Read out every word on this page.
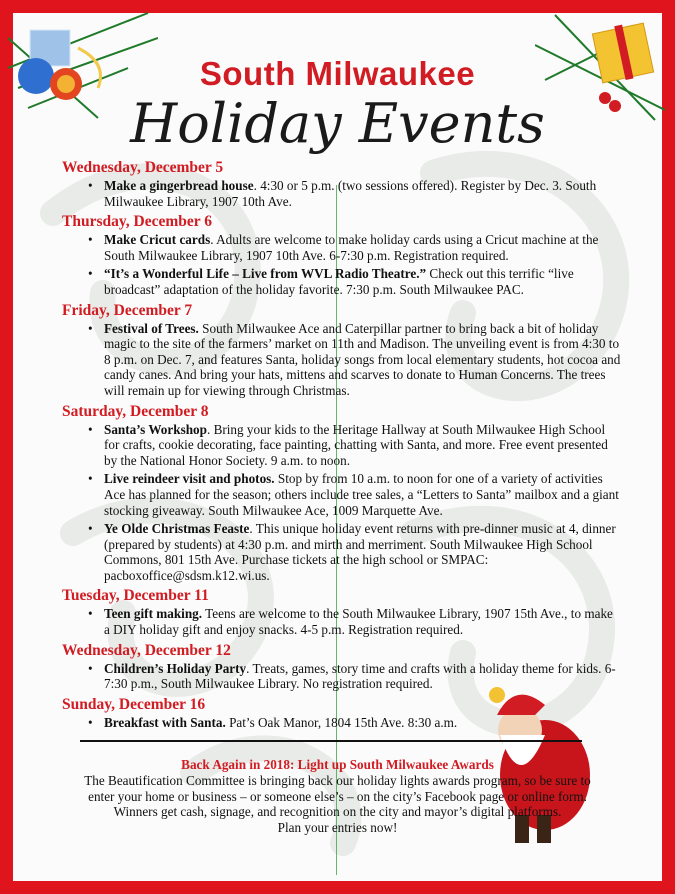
South Milwaukee
Holiday Events
Wednesday, December 5
• Make a gingerbread house. 4:30 or 5 p.m. (two sessions offered). Register by Dec. 3. South Milwaukee Library, 1907 10th Ave.
Thursday, December 6
• Make Cricut cards. Adults are welcome to make holiday cards using a Cricut machine at the South Milwaukee Library, 1907 10th Ave. 6-7:30 p.m. Registration required.
• “It’s a Wonderful Life – Live from WVL Radio Theatre.” Check out this terrific “live broadcast” adaptation of the holiday favorite. 7:30 p.m. South Milwaukee PAC.
Friday, December 7
• Festival of Trees. South Milwaukee Ace and Caterpillar partner to bring back a bit of holiday magic to the site of the farmers’ market on 11th and Madison. The unveiling event is from 4:30 to 8 p.m. on Dec. 7, and features Santa, holiday songs from local elementary students, hot cocoa and candy canes. And bring your hats, mittens and scarves to donate to Human Concerns. The trees will remain up for viewing through Christmas.
Saturday, December 8
• Santa’s Workshop. Bring your kids to the Heritage Hallway at South Milwaukee High School for crafts, cookie decorating, face painting, chatting with Santa, and more. Free event presented by the National Honor Society. 9 a.m. to noon.
• Live reindeer visit and photos. Stop by from 10 a.m. to noon for one of a variety of activities Ace has planned for the season; others include tree sales, a “Letters to Santa” mailbox and a giant stocking giveaway. South Milwaukee Ace, 1009 Marquette Ave.
• Ye Olde Christmas Feaste. This unique holiday event returns with pre-dinner music at 4, dinner (prepared by students) at 4:30 p.m. and mirth and merriment. South Milwaukee High School Commons, 801 15th Ave. Purchase tickets at the high school or SMPAC: pacboxoffice@sdsm.k12.wi.us.
Tuesday, December 11
• Teen gift making. Teens are welcome to the South Milwaukee Library, 1907 15th Ave., to make a DIY holiday gift and enjoy snacks. 4-5 p.m. Registration required.
Wednesday, December 12
• Children’s Holiday Party. Treats, games, story time and crafts with a holiday theme for kids. 6-7:30 p.m., South Milwaukee Library. No registration required.
Sunday, December 16
• Breakfast with Santa. Pat’s Oak Manor, 1804 15th Ave. 8:30 a.m.
Back Again in 2018: Light up South Milwaukee Awards
The Beautification Committee is bringing back our holiday lights awards program, so be sure to
enter your home or business – or someone else’s – on the city’s Facebook page or online form.
Winners get cash, signage, and recognition on the city and mayor’s digital platforms.
Plan your entries now!
